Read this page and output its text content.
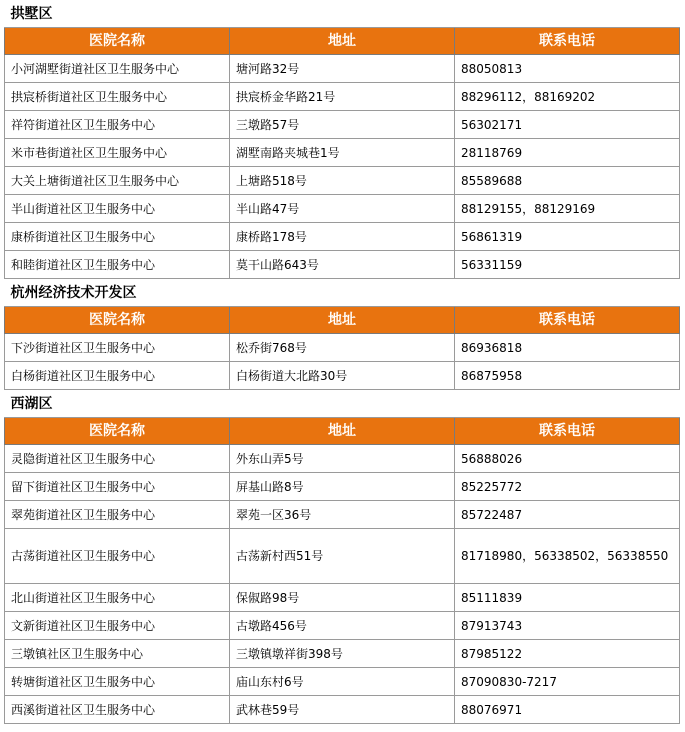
拱墅区		
医院名称	地址	联系电话
小河湖墅街道社区卫生服务中心	塘河路32号	88050813
拱宸桥街道社区卫生服务中心	拱宸桥金华路21号	88296112，88169202
祥符街道社区卫生服务中心	三墩路57号	56302171
米市巷街道社区卫生服务中心	湖墅南路夹城巷1号	28118769
大关上塘街道社区卫生服务中心	上塘路518号	85589688
半山街道社区卫生服务中心	半山路47号	88129155，88129169
康桥街道社区卫生服务中心	康桥路178号	56861319
和睦街道社区卫生服务中心	莫干山路643号	56331159
杭州经济技术开发区		
医院名称	地址	联系电话
下沙街道社区卫生服务中心	松乔街768号	86936818
白杨街道社区卫生服务中心	白杨街道大北路30号	86875958
西湖区		
医院名称	地址	联系电话
灵隐街道社区卫生服务中心	外东山弄5号	56888026
留下街道社区卫生服务中心	屏基山路8号	85225772
翠苑街道社区卫生服务中心	翠苑一区36号	85722487
古荡街道社区卫生服务中心	古荡新村西51号	81718980，56338502，56338550
北山街道社区卫生服务中心	保俶路98号	85111839
文新街道社区卫生服务中心	古墩路456号	87913743
三墩镇社区卫生服务中心	三墩镇墩祥街398号	87985122
转塘街道社区卫生服务中心	庙山东村6号	87090830-7217
西溪街道社区卫生服务中心	武林巷59号	88076971
